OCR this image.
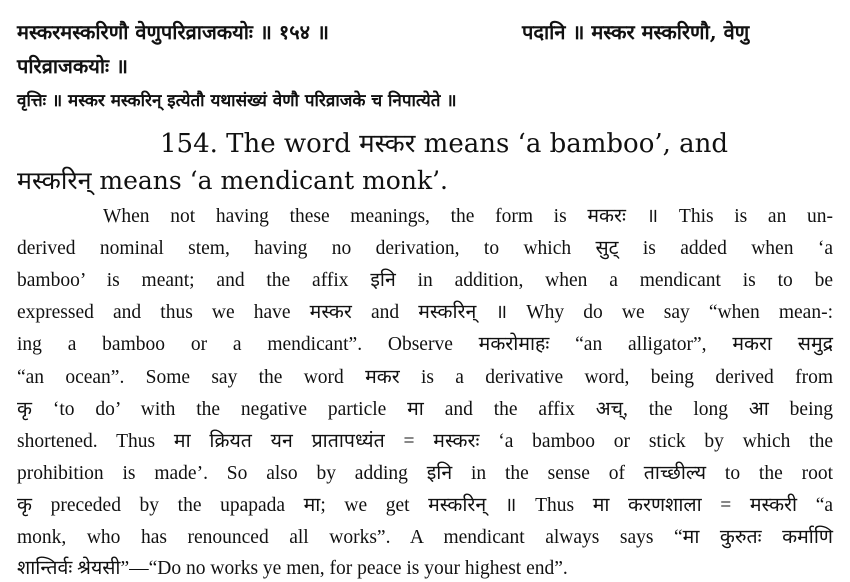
मस्करमस्करिणौ वेणुपरिव्राजकयोः ॥ १५४ ॥	पदानि ॥ मस्कर मस्करिणौ, वेणु
परिव्राजकयोः ॥
वृत्तिः ॥ मस्कर मस्करिन् इत्येतौ यथासंख्यं वेणौ परिव्राजके च निपात्येते ॥
154. The word मस्कर means ‘a bamboo’, and
मस्करिन् means ‘a mendicant monk’.
When not having these meanings, the form is मकरः ॥ This is an un-
derived nominal stem, having no derivation, to which सुट् is added when ‘a
bamboo’ is meant; and the affix इनि in addition, when a mendicant is to be
expressed and thus we have मस्कर and मस्करिन् ॥ Why do we say “when mean-:
ing a bamboo or a mendicant”. Observe मकरोमाहः “an alligator”, मकरा समुद्र
“an ocean”. Some say the word मकर is a derivative word, being derived from
कृ ‘to do’ with the negative particle मा and the affix अच्, the long आ being
shortened. Thus मा क्रियत यन प्रातापध्यंत = मस्करः ‘a bamboo or stick by which the
prohibition is made’. So also by adding इनि in the sense of ताच्छील्य to the root
कृ preceded by the upapada मा; we get मस्करिन् ॥ Thus मा करणशाला = मस्करी “a
monk, who has renounced all works”. A mendicant always says “मा कुरुतः कर्माणि
शान्तिर्वः श्रेयसी”—“Do no works ye men, for peace is your highest end”.
